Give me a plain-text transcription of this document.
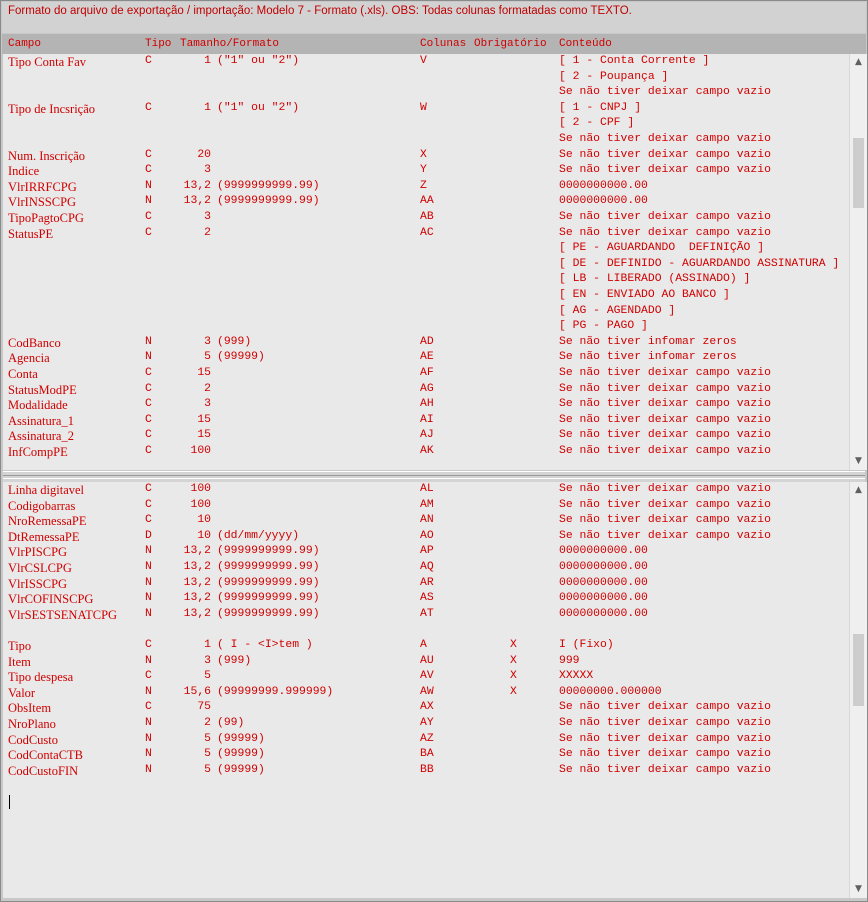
Formato do arquivo de exportação / importação: Modelo 7 - Formato (.xls). OBS: Todas colunas formatadas como TEXTO.
Campo	Tipo Tamanho/Formato	Colunas Obrigatório Conteúdo
Tipo Conta Fav	C	1 ("1" ou "2")	V	[ 1 - Conta Corrente ]
[ 2 - Poupança ]
Se não tiver deixar campo vazio
Tipo de Incsrição	C	1 ("1" ou "2")	W	[ 1 - CNPJ ]
[ 2 - CPF ]
Se não tiver deixar campo vazio
Num. Inscrição	C	20	X	Se não tiver deixar campo vazio
Indice	C	3	Y	Se não tiver deixar campo vazio
VlrIRRFCPG	N	13,2 (9999999999.99)	Z	0000000000.00
VlrINSSCPG	N	13,2 (9999999999.99)	AA	0000000000.00
TipoPagtoCPG	C	3	AB	Se não tiver deixar campo vazio
StatusPE	C	2	AC	Se não tiver deixar campo vazio
[ PE - AGUARDANDO  DEFINIÇÃO ]
[ DE - DEFINIDO - AGUARDANDO ASSINATURA ]
[ LB - LIBERADO (ASSINADO) ]
[ EN - ENVIADO AO BANCO ]
[ AG - AGENDADO ]
[ PG - PAGO ]
CodBanco	N	3 (999)	AD	Se não tiver infomar zeros
Agencia	N	5 (99999)	AE	Se não tiver infomar zeros
Conta	C	15	AF	Se não tiver deixar campo vazio
StatusModPE	C	2	AG	Se não tiver deixar campo vazio
Modalidade	C	3	AH	Se não tiver deixar campo vazio
Assinatura_1	C	15	AI	Se não tiver deixar campo vazio
Assinatura_2	C	15	AJ	Se não tiver deixar campo vazio
InfCompPE	C	100	AK	Se não tiver deixar campo vazio
▲
▼
Linha digitavel	C	100	AL	Se não tiver deixar campo vazio
Codigobarras	C	100	AM	Se não tiver deixar campo vazio
NroRemessaPE	C	10	AN	Se não tiver deixar campo vazio
DtRemessaPE	D	10 (dd/mm/yyyy)	AO	Se não tiver deixar campo vazio
VlrPISCPG	N	13,2 (9999999999.99)	AP	0000000000.00
VlrCSLCPG	N	13,2 (9999999999.99)	AQ	0000000000.00
VlrISSCPG	N	13,2 (9999999999.99)	AR	0000000000.00
VlrCOFINSCPG	N	13,2 (9999999999.99)	AS	0000000000.00
VlrSESTSENATCPG N	13,2 (9999999999.99)	AT	0000000000.00
Tipo	C	1 ( I - <I>tem )	A	X	I (Fixo)
Item	N	3 (999)	AU	X	999
Tipo despesa	C	5	AV	X	XXXXX
Valor	N	15,6 (99999999.999999)	AW	X	00000000.000000
ObsItem	C	75	AX	Se não tiver deixar campo vazio
NroPlano	N	2 (99)	AY	Se não tiver deixar campo vazio
CodCusto	N	5 (99999)	AZ	Se não tiver deixar campo vazio
CodContaCTB	N	5 (99999)	BA	Se não tiver deixar campo vazio
CodCustoFIN	N	5 (99999)	BB	Se não tiver deixar campo vazio
▲
▼
